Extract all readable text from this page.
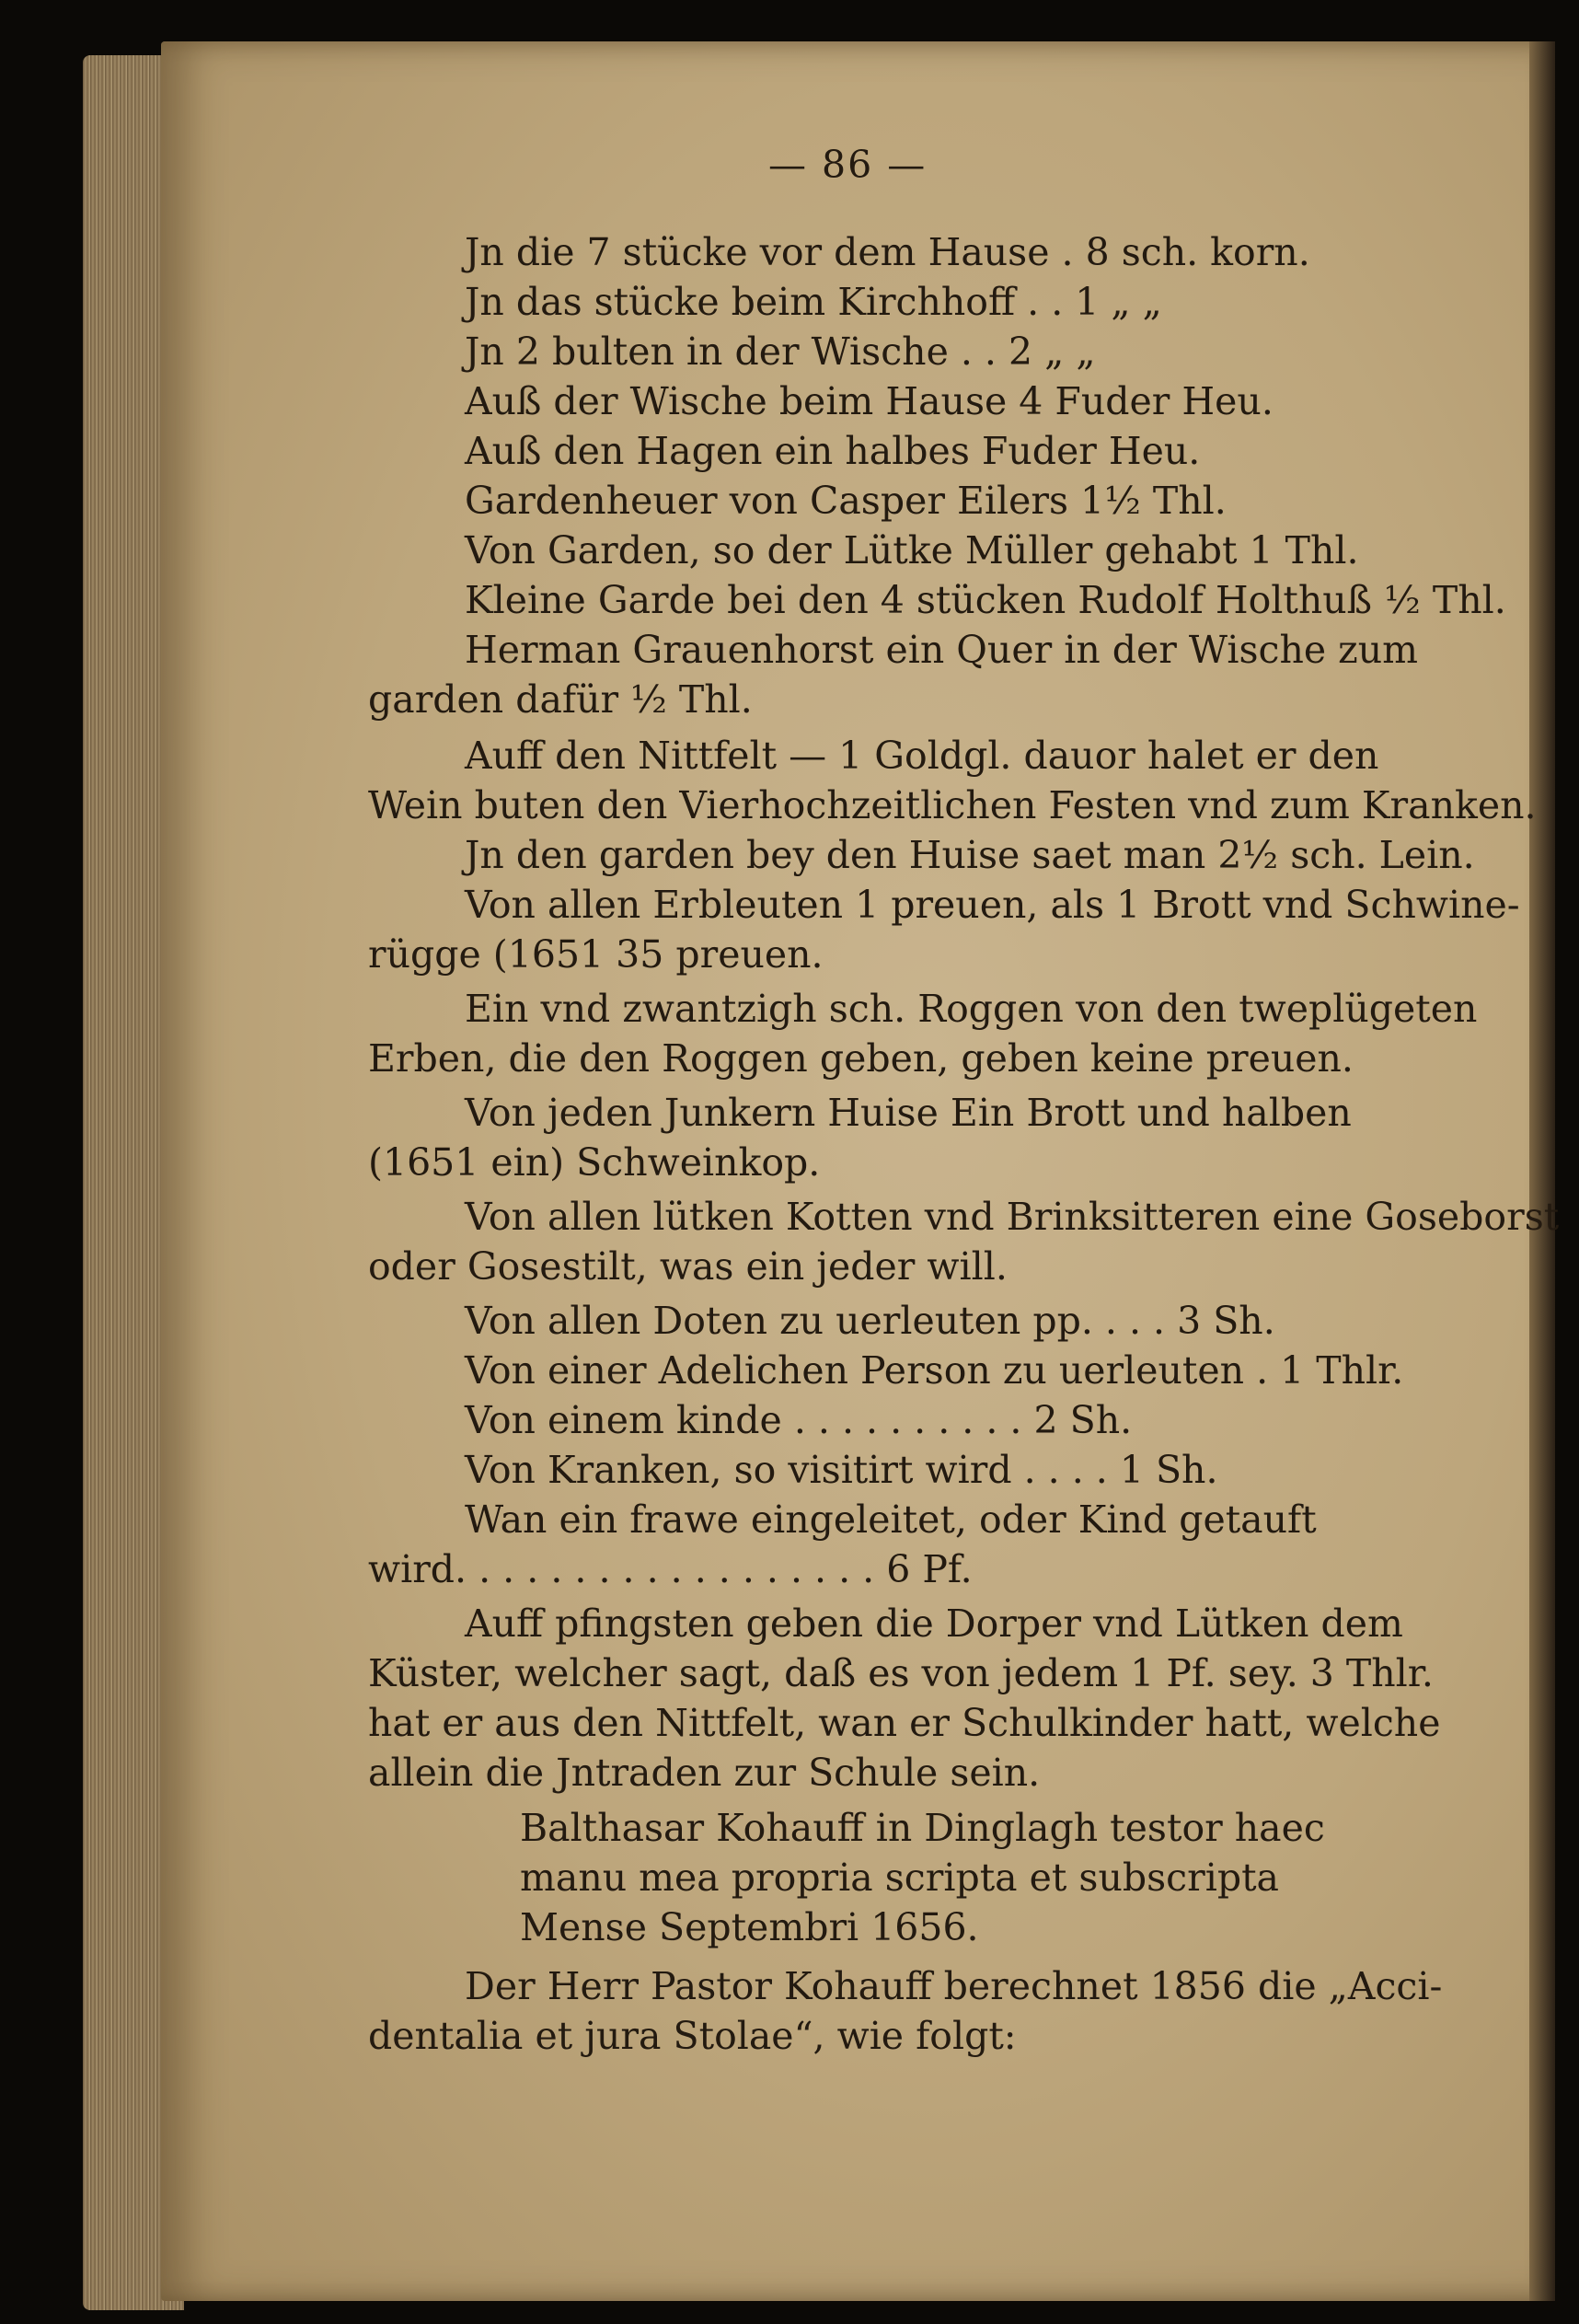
— 86 —
Jn die 7 stücke vor dem Hause . 8 sch. korn.
Jn das stücke beim Kirchhoff . . 1 „ „
Jn 2 bulten in der Wische . . 2 „ „
Auß der Wische beim Hause 4 Fuder Heu.
Auß den Hagen ein halbes Fuder Heu.
Gardenheuer von Casper Eilers 1½ Thl.
Von Garden, so der Lütke Müller gehabt 1 Thl.
Kleine Garde bei den 4 stücken Rudolf Holthuß ½ Thl.
Herman Grauenhorst ein Quer in der Wische zum
garden dafür ½ Thl.
Auff den Nittfelt — 1 Goldgl. dauor halet er den
Wein buten den Vierhochzeitlichen Festen vnd zum Kranken.
Jn den garden bey den Huise saet man 2½ sch. Lein.
Von allen Erbleuten 1 preuen, als 1 Brott vnd Schwine-
rügge (1651 35 preuen.
Ein vnd zwantzigh sch. Roggen von den tweplügeten
Erben, die den Roggen geben, geben keine preuen.
Von jeden Junkern Huise Ein Brott und halben
(1651 ein) Schweinkop.
Von allen lütken Kotten vnd Brinksitteren eine Goseborst
oder Gosestilt, was ein jeder will.
Von allen Doten zu uerleuten pp. . . . 3 Sh.
Von einer Adelichen Person zu uerleuten . 1 Thlr.
Von einem kinde . . . . . . . . . . 2 Sh.
Von Kranken, so visitirt wird . . . . 1 Sh.
Wan ein frawe eingeleitet, oder Kind getauft
wird. . . . . . . . . . . . . . . . . . 6 Pf.
Auff pfingsten geben die Dorper vnd Lütken dem
Küster, welcher sagt, daß es von jedem 1 Pf. sey. 3 Thlr.
hat er aus den Nittfelt, wan er Schulkinder hatt, welche
allein die Jntraden zur Schule sein.
Balthasar Kohauff in Dinglagh testor haec
manu mea propria scripta et subscripta
Mense Septembri 1656.
Der Herr Pastor Kohauff berechnet 1856 die „Acci-
dentalia et jura Stolae“, wie folgt:
